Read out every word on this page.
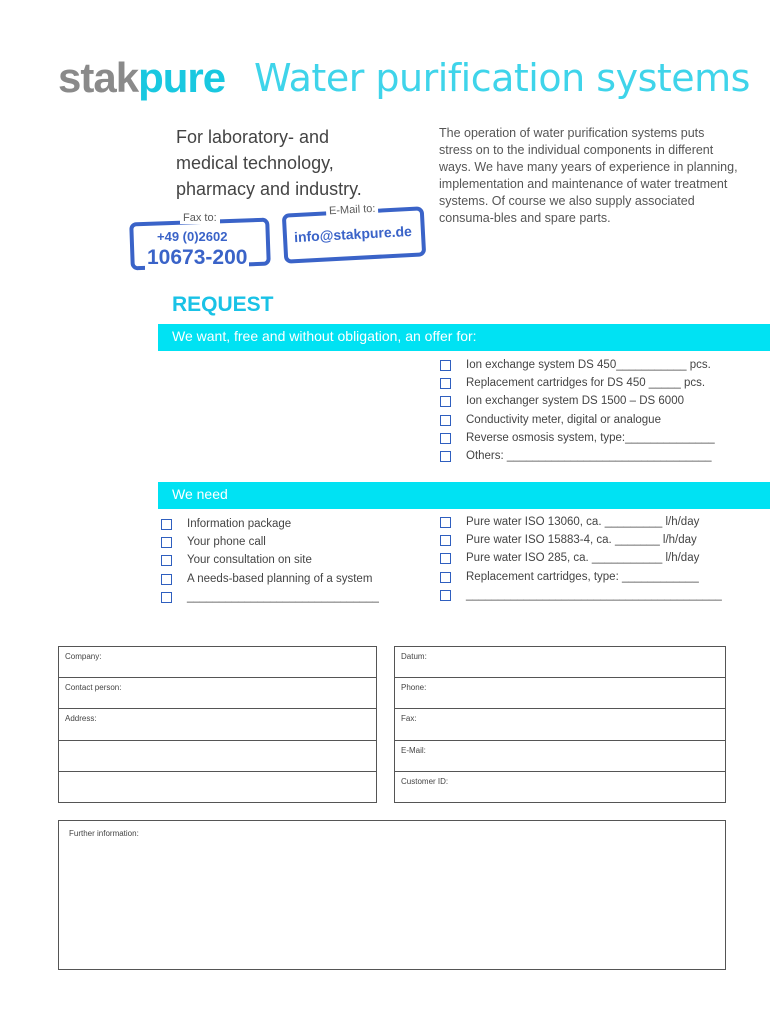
stakpure Water purification systems
For laboratory- and
medical technology,
pharmacy and industry.
The operation of water purification systems puts stress on to the individual components in different ways. We have many years of experience in planning, implementation and maintenance of water treatment systems. Of course we also supply associated consuma-bles and spare parts.
Fax to:
E-Mail to:
+49 (0)2602
10673-200
info@stakpure.de
REQUEST
We want, free and without obligation, an offer for:
Ion exchange system DS 450___________ pcs.
Replacement cartridges for DS 450 _____ pcs.
Ion exchanger system DS 1500 – DS 6000
Conductivity meter, digital or analogue
Reverse osmosis system, type:______________
Others: ________________________________
We need
Information package
Your phone call
Your consultation on site
A needs-based planning of a system
______________________________
Pure water ISO 13060, ca. _________ l/h/day
Pure water ISO 15883-4, ca. _______ l/h/day
Pure water ISO 285, ca. ___________ l/h/day
Replacement cartridges, type: ____________
________________________________________
Company:
Contact person:
Address:
Datum:
Phone:
Fax:
E-Mail:
Customer ID:
Further information:
